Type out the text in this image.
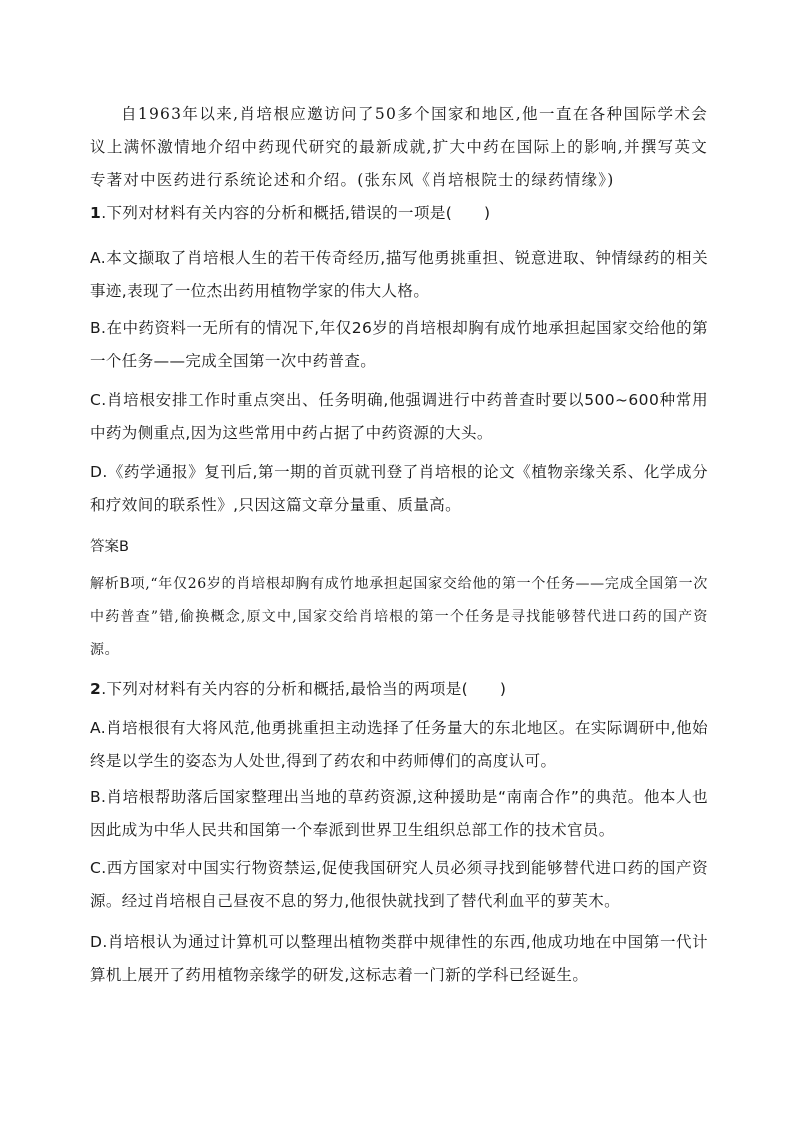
自1963年以来,肖培根应邀访问了50多个国家和地区,他一直在各种国际学术会议上满怀激情地介绍中药现代研究的最新成就,扩大中药在国际上的影响,并撰写英文专著对中医药进行系统论述和介绍。(张东风《肖培根院士的绿药情缘》)

1.下列对材料有关内容的分析和概括,错误的一项是(　　)
A.本文撷取了肖培根人生的若干传奇经历,描写他勇挑重担、锐意进取、钟情绿药的相关事迹,表现了一位杰出药用植物学家的伟大人格。
B.在中药资料一无所有的情况下,年仅26岁的肖培根却胸有成竹地承担起国家交给他的第一个任务——完成全国第一次中药普查。
C.肖培根安排工作时重点突出、任务明确,他强调进行中药普查时要以500~600种常用中药为侧重点,因为这些常用中药占据了中药资源的大头。
D.《药学通报》复刊后,第一期的首页就刊登了肖培根的论文《植物亲缘关系、化学成分和疗效间的联系性》,只因这篇文章分量重、质量高。
答案B
解析B项,“年仅26岁的肖培根却胸有成竹地承担起国家交给他的第一个任务——完成全国第一次中药普查”错,偷换概念,原文中,国家交给肖培根的第一个任务是寻找能够替代进口药的国产资源。
2.下列对材料有关内容的分析和概括,最恰当的两项是(　　)
A.肖培根很有大将风范,他勇挑重担主动选择了任务量大的东北地区。在实际调研中,他始终是以学生的姿态为人处世,得到了药农和中药师傅们的高度认可。
B.肖培根帮助落后国家整理出当地的草药资源,这种援助是“南南合作”的典范。他本人也因此成为中华人民共和国第一个奉派到世界卫生组织总部工作的技术官员。
C.西方国家对中国实行物资禁运,促使我国研究人员必须寻找到能够替代进口药的国产资源。经过肖培根自己昼夜不息的努力,他很快就找到了替代利血平的萝芙木。
D.肖培根认为通过计算机可以整理出植物类群中规律性的东西,他成功地在中国第一代计算机上展开了药用植物亲缘学的研发,这标志着一门新的学科已经诞生。
